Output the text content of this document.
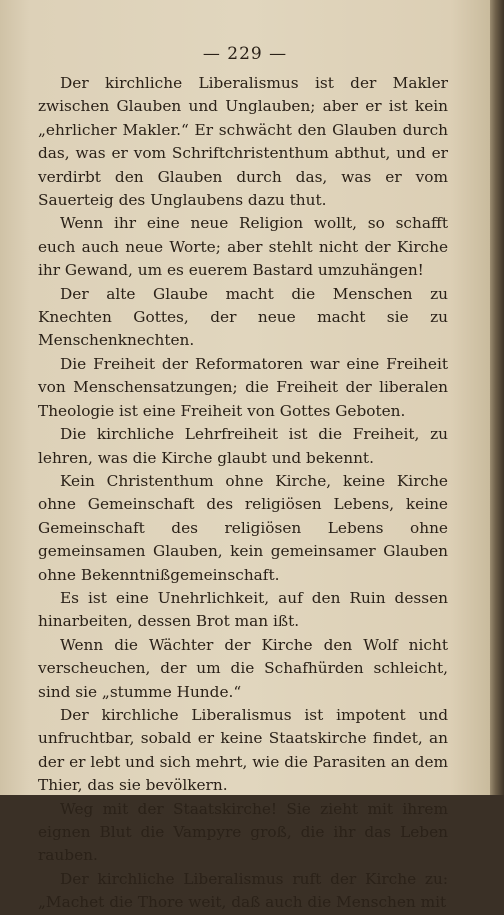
— 229 —

Der kirchliche Liberalismus ist der Makler zwischen Glauben und Unglauben; aber er ist kein „ehrlicher Makler.“ Er schwächt den Glauben durch das, was er vom Schriftchristenthum abthut, und er verdirbt den Glauben durch das, was er vom Sauerteig des Unglaubens dazu thut.

Wenn ihr eine neue Religion wollt, so schafft euch auch neue Worte; aber stehlt nicht der Kirche ihr Gewand, um es euerem Bastard umzuhängen!

Der alte Glaube macht die Menschen zu Knechten Gottes, der neue macht sie zu Menschenknechten.

Die Freiheit der Reformatoren war eine Freiheit von Menschensatzungen; die Freiheit der liberalen Theologie ist eine Freiheit von Gottes Geboten.

Die kirchliche Lehrfreiheit ist die Freiheit, zu lehren, was die Kirche glaubt und bekennt.

Kein Christenthum ohne Kirche, keine Kirche ohne Gemeinschaft des religiösen Lebens, keine Gemeinschaft des religiösen Lebens ohne gemeinsamen Glauben, kein gemeinsamer Glauben ohne Bekenntnißgemeinschaft.

Es ist eine Unehrlichkeit, auf den Ruin dessen hinarbeiten, dessen Brot man ißt.

Wenn die Wächter der Kirche den Wolf nicht verscheuchen, der um die Schafhürden schleicht, sind sie „stumme Hunde.“

Der kirchliche Liberalismus ist impotent und unfruchtbar, sobald er keine Staatskirche findet, an der er lebt und sich mehrt, wie die Parasiten an dem Thier, das sie bevölkern.

Weg mit der Staatskirche! Sie zieht mit ihrem eignen Blut die Vampyre groß, die ihr das Leben rauben.

Der kirchliche Liberalismus ruft der Kirche zu: „Machet die Thore weit, daß auch die Menschen mit
